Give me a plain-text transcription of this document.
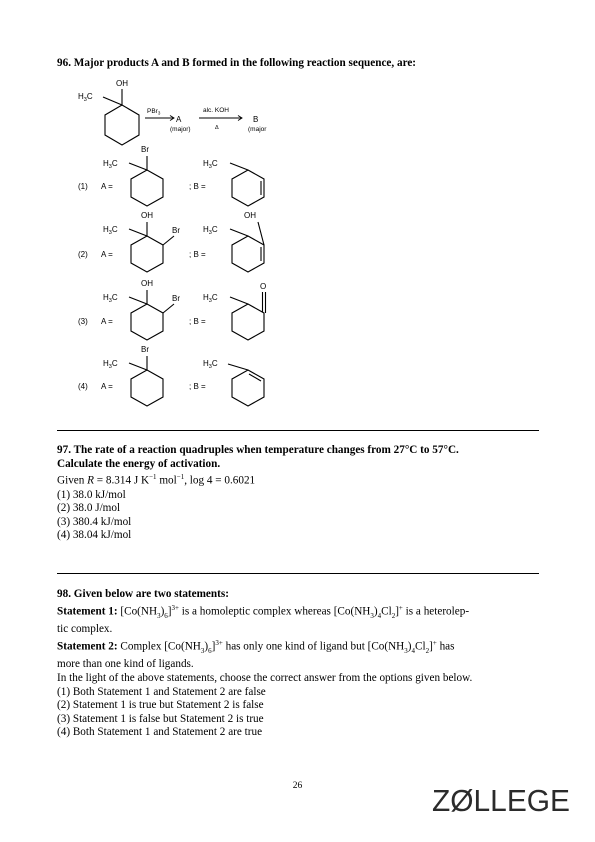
96. Major products A and B formed in the following reaction sequence, are:
OH
$H_3C$
PBr$_3$
A
(major)
alc. KOH
Δ
B
(major
(1) A =
Br
$H_3C$
; B =
$H_3C$
(2) A =
OH
Br
$H_3C$
; B =
OH
$H_3C$
(3) A =
OH
Br
$H_3C$
; B =
O
$H_3C$
(4) A =
Br
$H_3C$
; B =
$H_3C$
97. The rate of a reaction quadruples when temperature changes from 27°C to 57°C.
Calculate the energy of activation.
Given R = 8.314 J $K^{-1}$ mol$^{-1}$, log 4 = 0.6021
(1) 38.0 kJ/mol
(2) 38.0 J/mol
(3) 380.4 kJ/mol
(4) 38.04 kJ/mol
98. Given below are two statements:
Statement 1: $[Co(NH_3)_6]^{3+}$ is a homoleptic complex whereas $[Co(NH_3)_4Cl_2]^+$ is a heterolep-
tic complex.
Statement 2: Complex $[Co(NH_3)_6]^{3+}$ has only one kind of ligand but $[Co(NH_3)_4Cl_2]^+$ has
more than one kind of ligands.
In the light of the above statements, choose the correct answer from the options given below.
(1) Both Statement 1 and Statement 2 are false
(2) Statement 1 is true but Statement 2 is false
(3) Statement 1 is false but Statement 2 is true
(4) Both Statement 1 and Statement 2 are true
26	ZØLLEGE
